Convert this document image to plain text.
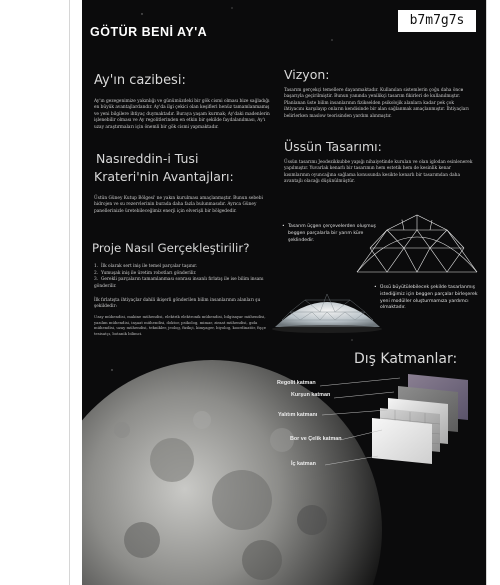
GÖTÜR BENİ AY'A
Ay'ın cazibesi:
Ay'ın gezegenimize yakınlığı ve günümüzdeki bir gök cismi olması bize sağladığı en büyük avantajlardandır. Ay'da ilgi çekici olan keşifleri henüz tamamlanmamış ve yeni bilgilere ihtiyaç duymaktadır. Buraya yaşam kurmak; Ay'daki madenlerin işlenebilir olması ve Ay regolitlerinden en etkin bir şekilde faydalanılması, Ay'ı uzay araştırmaları için önemli bir gök cismi yapmaktadır.
Nasıreddin-i Tusi
Krateri'nin Avantajları:
Üstün Güney Kutup Bölgesi' ne yakın kurulması amaçlanmıştır. Bunun sebebi hidrojen ve su rezervlerinin burada daha fazla bulunmasıdır. Ayrıca Güney panellerinizle üretebileceğimiz enerji için elverişli bir bölgededir.
Proje Nasıl Gerçekleştirilir?
1. İlk olarak sert iniş ile temel parçalar taşınır.
2. Yumuşak iniş ile üretim robotları gönderilir.
3. Gerekli parçaların tamamlanması sonrası insanlı fırlatış ile ise bilim insanı gönderilir.
İlk fırlatışta ihtiyaçlar dahili ikişerli gönderilen bilim insanlarının alanları şu şekildedir:
Uzay mühendisi, makine mühendisi, elektrik elektronik mühendisi, bilgisayar mühendisi, yazılım mühendisi, inşaat mühendisi, doktor, psikolog, mimar, ziraat mühendisi, gıda mühendisi, uzay mühendisi, teknikler, jeolog, fizikçi, kimyager, biyolog, koordinatör, fişçe tesisatçı, botanik bilimci.
Vizyon:
Tasarım gerçekçi temellere dayanmaktadır. Kullanılan sistemlerin çoğu daha önce başarıyla geçirilmiştir. Bunun yanında yenilikçi tasarım fikirleri de kullanılmıştır. Planlanan üste bilim insanlarının fizikselden psikolojik alanlara kadar pek çok ihtiyacını karşılayıp onların kendisinde bir alan sağlanmak amaçlanmıştır. İhtiyaçları belirlerken maslow teorisinden yardım alınmıştır.
Üssün Tasarımı:
Üssün tasarımı Jeodezikkubbe yapığı nihaiyetinde kurulan ve olan iglodan esinlenerek yapılmıştır. Yuvarlak kenarlı bir tasarımın hem estetik hem de kesinlik kenar kısımlarının oyuncağına sağlama konusunda kesikte kenarlı bir tasarımdan daha avantajlı olacağı düşünülmüştür.
• Tasarım üçgen çerçevelerden oluşmuş beggen parçalarla bir yarım küre şeklindedir.
• Üssü büyütülebilecek şekilde tasarlanmış istediğimiz için beggen parçalar birleşerek yeni modüller oluşturmamıza yardımcı olmaktadır.
Dış Katmanlar:
Regolit katman
Kurşun katman
Yalıtım katmanı
Bor ve Çelik katman
İç katman
b7m7g7s
